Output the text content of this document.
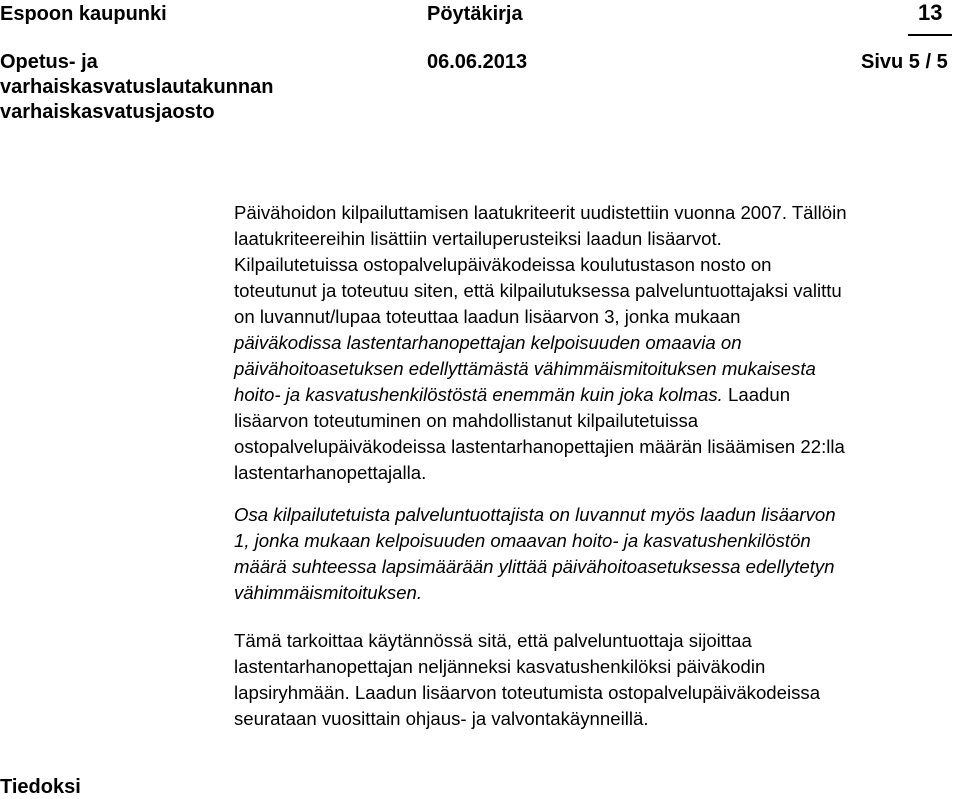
Espoon kaupunki	Pöytäkirja	13
Opetus- ja
varhaiskasvatuslautakunnan
varhaiskasvatusjaosto
06.06.2013	Sivu 5 / 5
Päivähoidon kilpailuttamisen laatukriteerit uudistettiin vuonna 2007. Tällöin
laatukriteereihin lisättiin vertailuperusteiksi laadun lisäarvot.
Kilpailutetuissa ostopalvelupäiväkodeissa koulutustason nosto on
toteutunut ja toteutuu siten, että kilpailutuksessa palveluntuottajaksi valittu
on luvannut/lupaa toteuttaa laadun lisäarvon 3, jonka mukaan
päiväkodissa lastentarhanopettajan kelpoisuuden omaavia on
päivähoitoasetuksen edellyttämästä vähimmäismitoituksen mukaisesta
hoito- ja kasvatushenkilöstöstä enemmän kuin joka kolmas. Laadun
lisäarvon toteutuminen on mahdollistanut kilpailutetuissa
ostopalvelupäiväkodeissa lastentarhanopettajien määrän lisäämisen 22:lla
lastentarhanopettajalla.
Osa kilpailutetuista palveluntuottajista on luvannut myös laadun lisäarvon
1, jonka mukaan kelpoisuuden omaavan hoito- ja kasvatushenkilöstön
määrä suhteessa lapsimäärään ylittää päivähoitoasetuksessa edellytetyn
vähimmäismitoituksen.
Tämä tarkoittaa käytännössä sitä, että palveluntuottaja sijoittaa
lastentarhanopettajan neljänneksi kasvatushenkilöksi päiväkodin
lapsiryhmään. Laadun lisäarvon toteutumista ostopalvelupäiväkodeissa
seurataan vuosittain ohjaus- ja valvontakäynneillä.
Tiedoksi
